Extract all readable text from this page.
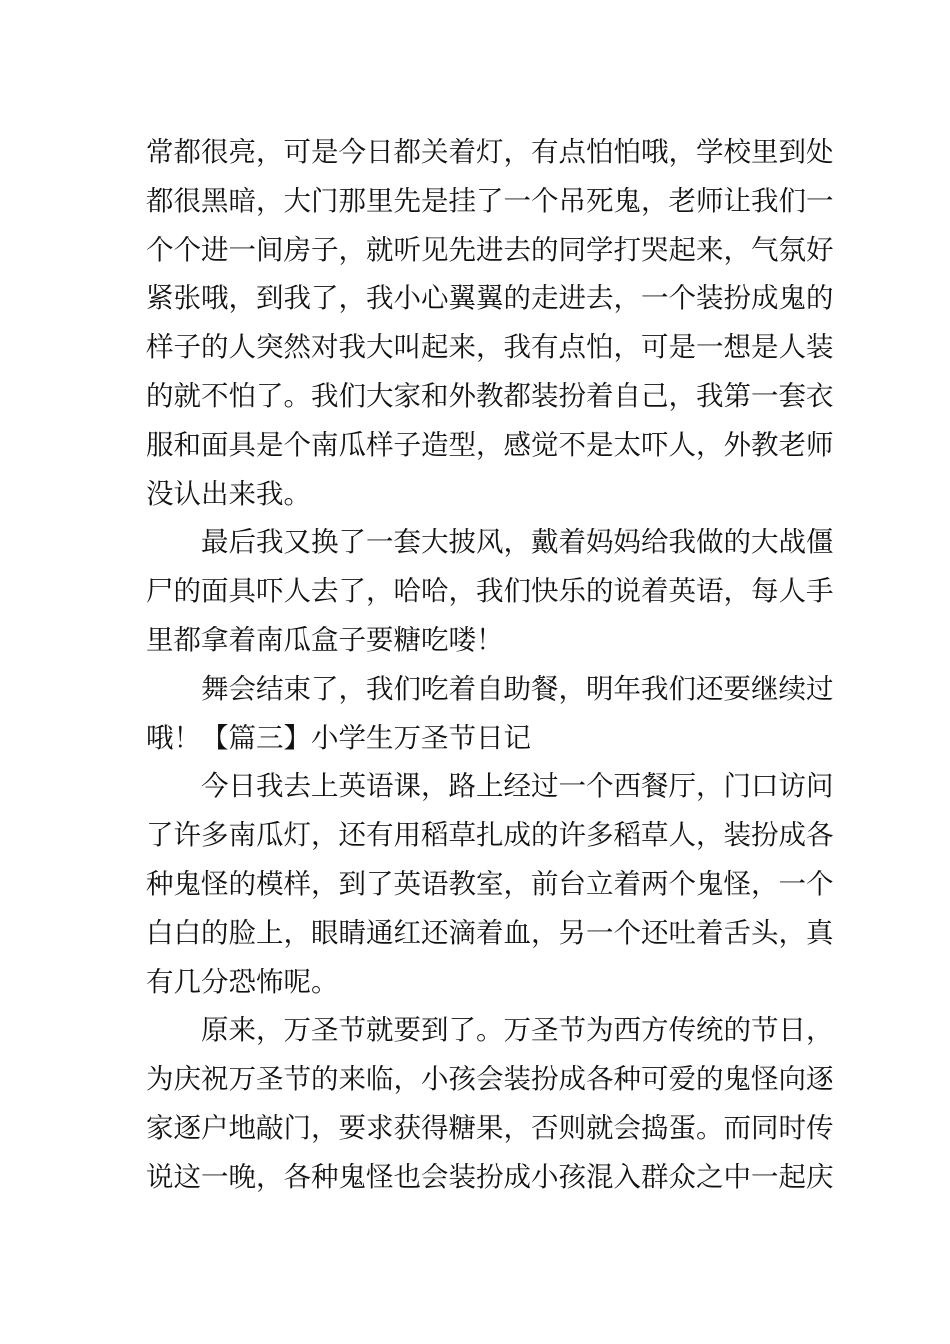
常都很亮，可是今日都关着灯，有点怕怕哦，学校里到处
都很黑暗，大门那里先是挂了一个吊死鬼，老师让我们一
个个进一间房子，就听见先进去的同学打哭起来，气氛好
紧张哦，到我了，我小心翼翼的走进去，一个装扮成鬼的
样子的人突然对我大叫起来，我有点怕，可是一想是人装
的就不怕了。我们大家和外教都装扮着自己，我第一套衣
服和面具是个南瓜样子造型，感觉不是太吓人，外教老师
没认出来我。
最后我又换了一套大披风，戴着妈妈给我做的大战僵
尸的面具吓人去了，哈哈，我们快乐的说着英语，每人手
里都拿着南瓜盒子要糖吃喽！
舞会结束了，我们吃着自助餐，明年我们还要继续过
哦！【篇三】小学生万圣节日记
今日我去上英语课，路上经过一个西餐厅，门口访问
了许多南瓜灯，还有用稻草扎成的许多稻草人，装扮成各
种鬼怪的模样，到了英语教室，前台立着两个鬼怪，一个
白白的脸上，眼睛通红还滴着血，另一个还吐着舌头，真
有几分恐怖呢。
原来，万圣节就要到了。万圣节为西方传统的节日，
为庆祝万圣节的来临，小孩会装扮成各种可爱的鬼怪向逐
家逐户地敲门，要求获得糖果，否则就会捣蛋。而同时传
说这一晚，各种鬼怪也会装扮成小孩混入群众之中一起庆
